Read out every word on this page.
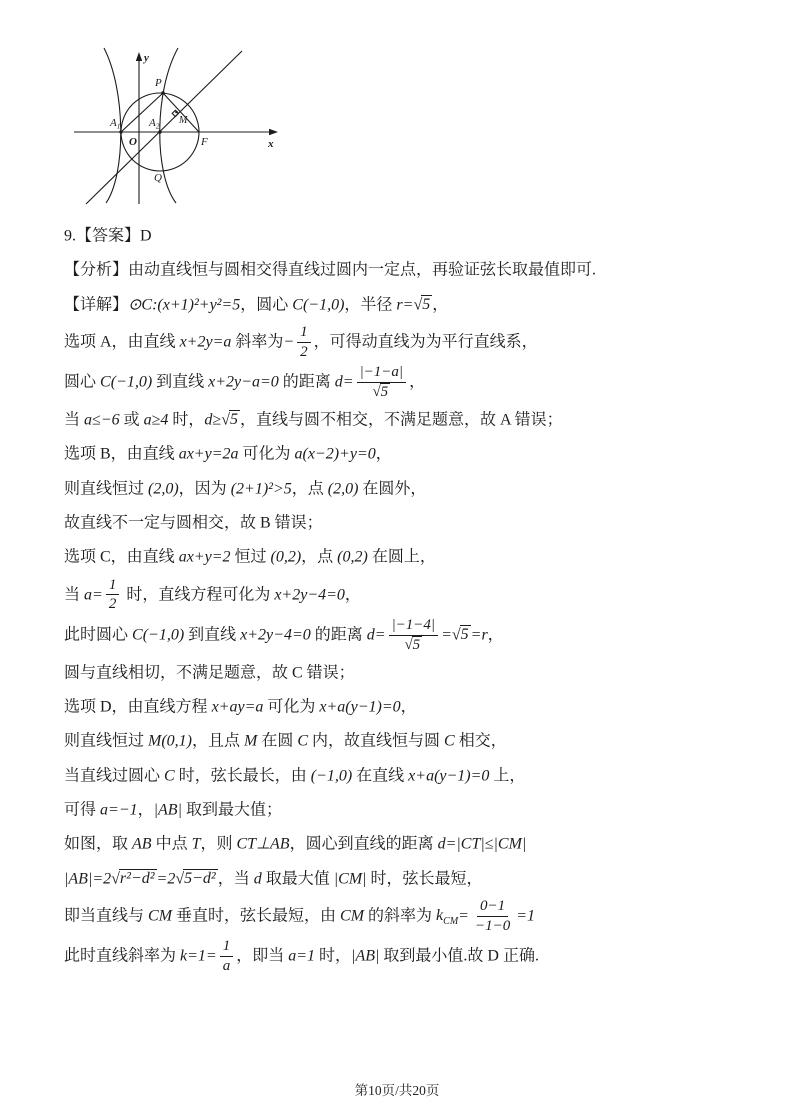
y
x
P
O	F
Q
M
$A_1$	$A_2$
9.【答案】D
【分析】由动直线恒与圆相交得直线过圆内一定点，再验证弦长取最值即可.
【详解】⊙C:(x+1)²+y²=5，圆心 C(−1,0)，半径 r=√5 ，
选项 A，由直线 x+2y=a 斜率为− $\frac{1}{2}$ ，可得动直线为为平行直线系，
圆心 C(−1,0) 到直线 x+2y−a=0 的距离 $d= \frac{|-1-a|}{√5}$ ，
当 a≤−6 或 a≥4 时，d≥√5 ，直线与圆不相交，不满足题意，故 A 错误；
选项 B，由直线 ax+y=2a 可化为 a(x−2)+y=0，
则直线恒过 (2,0)，因为 (2+1)²>5，点 (2,0) 在圆外，
故直线不一定与圆相交，故 B 错误；
选项 C，由直线 ax+y=2 恒过 (0,2)，点 (0,2) 在圆上，
当 $a= \frac{1}{2}$ 时，直线方程可化为 x+2y−4=0，
此时圆心 C(−1,0) 到直线 x+2y−4=0 的距离 $d= \frac{|-1-4|}{√5} =√5 =r$，
圆与直线相切，不满足题意，故 C 错误；
选项 D，由直线方程 x+ay=a 可化为 x+a(y−1)=0，
则直线恒过 M(0,1)，且点 M 在圆 C 内，故直线恒与圆 C 相交，
当直线过圆心 C 时，弦长最长，由 (−1,0) 在直线 x+a(y−1)=0 上，
可得 a=−1，|AB| 取到最大值；
如图，取 AB 中点 T，则 CT⊥AB，圆心到直线的距离 d=|CT|≤|CM|
|AB|=2√r²−d² =2√5−d² ，当 d 取最大值 |CM| 时，弦长最短，
即当直线与 CM 垂直时，弦长最短，由 CM 的斜率为 $k_{CM}= \frac{0-1}{-1-0} =1$
此时直线斜率为 $k=1= \frac{1}{a}$ ，即当 a=1 时，|AB| 取到最小值.故 D 正确.
第10页/共20页
